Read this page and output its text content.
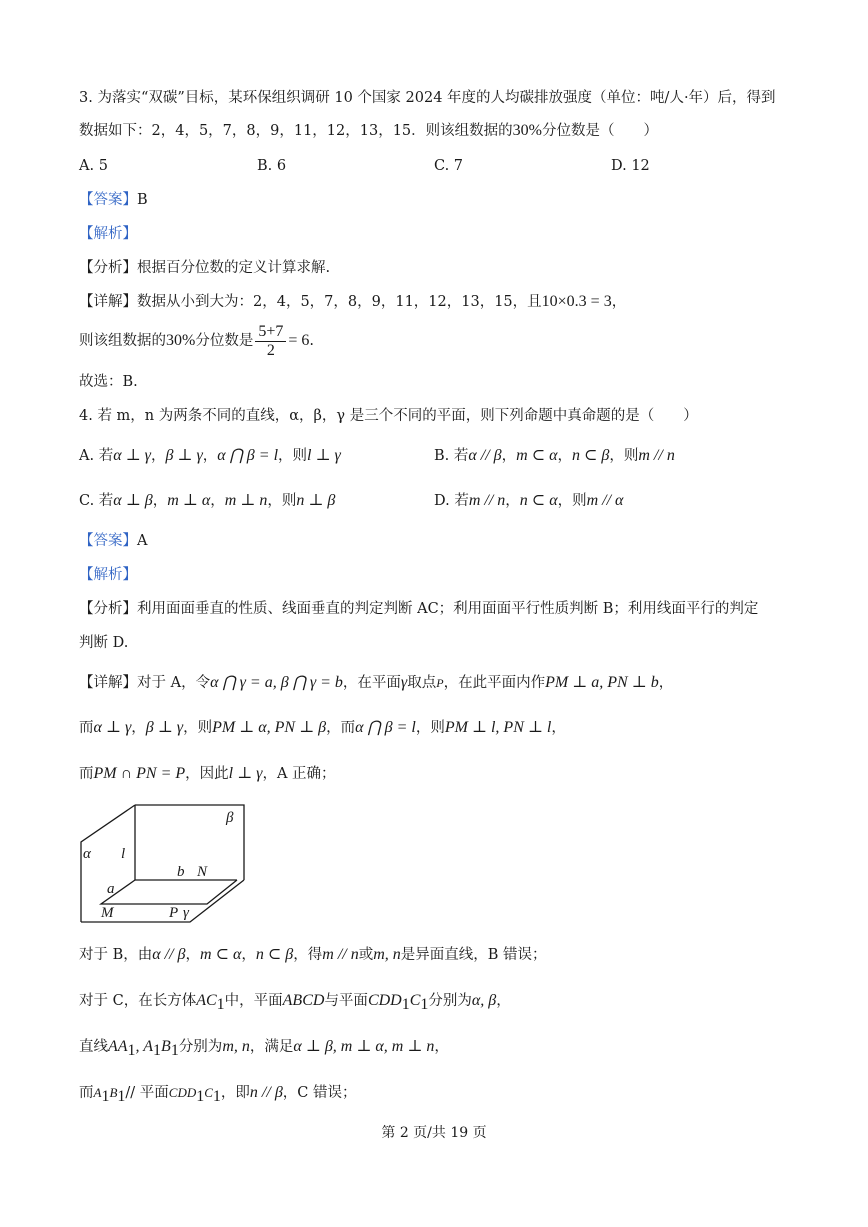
3. 为落实“双碳”目标，某环保组织调研 10 个国家 2024 年度的人均碳排放强度（单位：吨/人·年）后，得到
数据如下：2，4，5，7，8，9，11，12，13，15．则该组数据的30%分位数是（　　）
A. 5	B. 6	C. 7	D. 12
【答案】B
【解析】
【分析】根据百分位数的定义计算求解.
【详解】数据从小到大为：2，4，5，7，8，9，11，12，13，15，且10×0.3 = 3，
则该组数据的30%分位数是 $\frac{5+7}{2} = 6$.
故选：B.
4. 若 m，n 为两条不同的直线，α，β，γ 是三个不同的平面，则下列命题中真命题的是（　　）
A. 若α ⊥ γ，β ⊥ γ，α ⋂ β = l，则l ⊥ γ	B. 若α // β，m ⊂ α，n ⊂ β，则m // n
C. 若α ⊥ β，m ⊥ α，m ⊥ n，则n ⊥ β	D. 若m // n，n ⊂ α，则m // α
【答案】A
【解析】
【分析】利用面面垂直的性质、线面垂直的判定判断 AC；利用面面平行性质判断 B；利用线面平行的判定
判断 D.
【详解】对于 A，令α ⋂ γ = a, β ⋂ γ = b，在平面γ取点P，在此平面内作PM ⊥ a, PN ⊥ b，
而α ⊥ γ，β ⊥ γ，则PM ⊥ α, PN ⊥ β，而α ⋂ β = l，则PM ⊥ l, PN ⊥ l，
而PM ∩ PN = P，因此l ⊥ γ，A 正确；
β
α l
b N
a
M	P γ
对于 B，由α // β，m ⊂ α，n ⊂ β，得m // n或m, n是异面直线，B 错误；
对于 C，在长方体$AC_1$中，平面ABCD与平面$CDD_1C_1$分别为α, β，
直线$AA_1$, $A_1B_1$分别为m, n，满足α ⊥ β, m ⊥ α, m ⊥ n，
而$A_1B_1//$ 平面$CDD_1C_1$，即n // β，C 错误；
第 2 页/共 19 页
